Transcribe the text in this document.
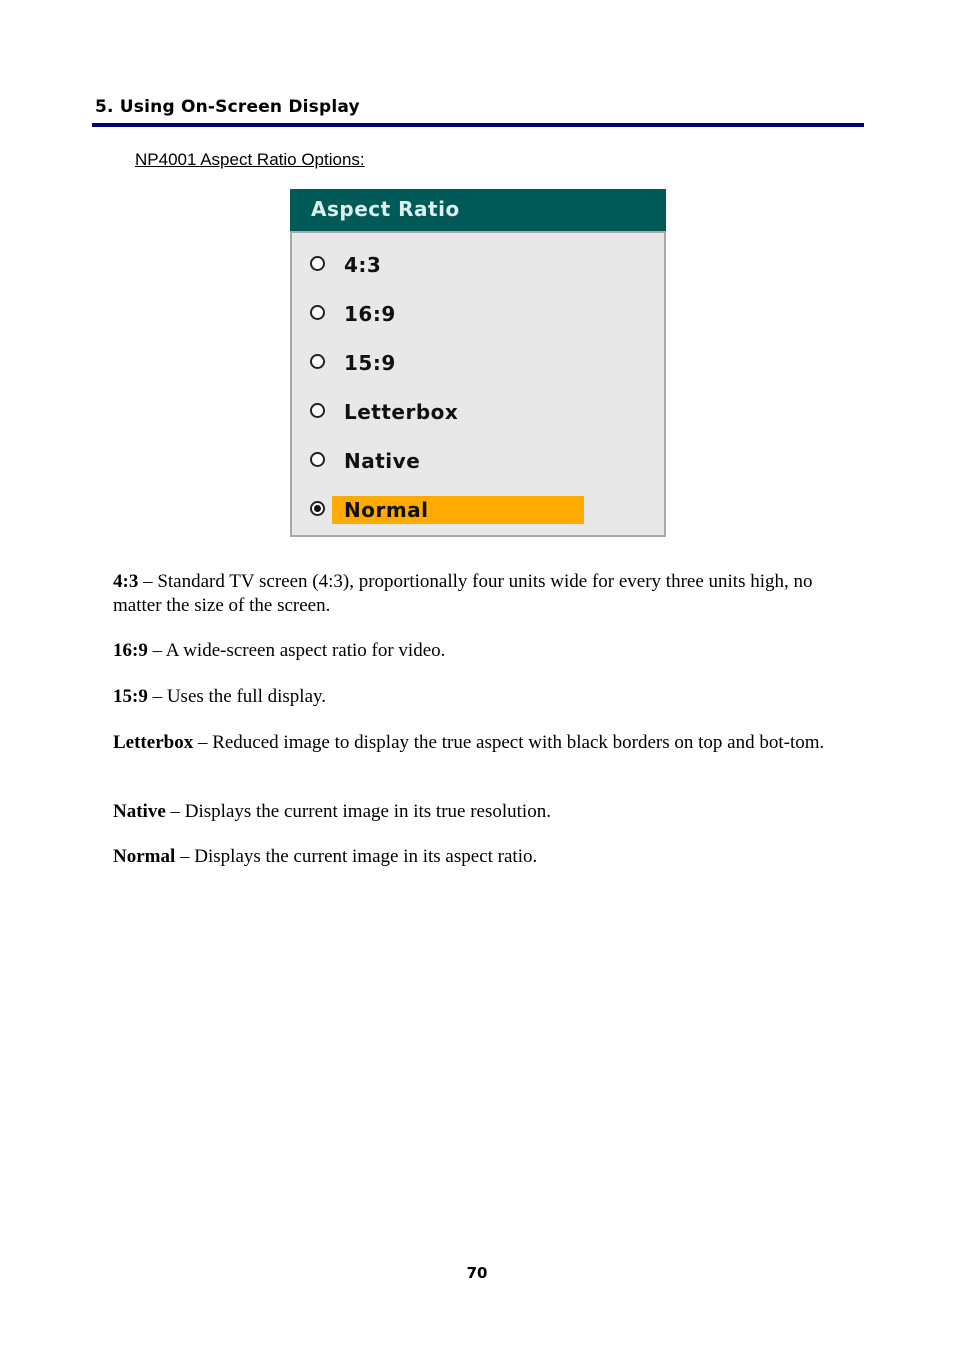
5. Using On-Screen Display
NP4001 Aspect Ratio Options:
Aspect Ratio
4:3
16:9
15:9
Letterbox
Native
Normal
4:3 – Standard TV screen (4:3), proportionally four units wide for every three units high, no matter the size of the screen.
16:9 – A wide-screen aspect ratio for video.
15:9 – Uses the full display.
Letterbox – Reduced image to display the true aspect with black borders on top and bot-tom.
Native – Displays the current image in its true resolution.
Normal – Displays the current image in its aspect ratio.
70
